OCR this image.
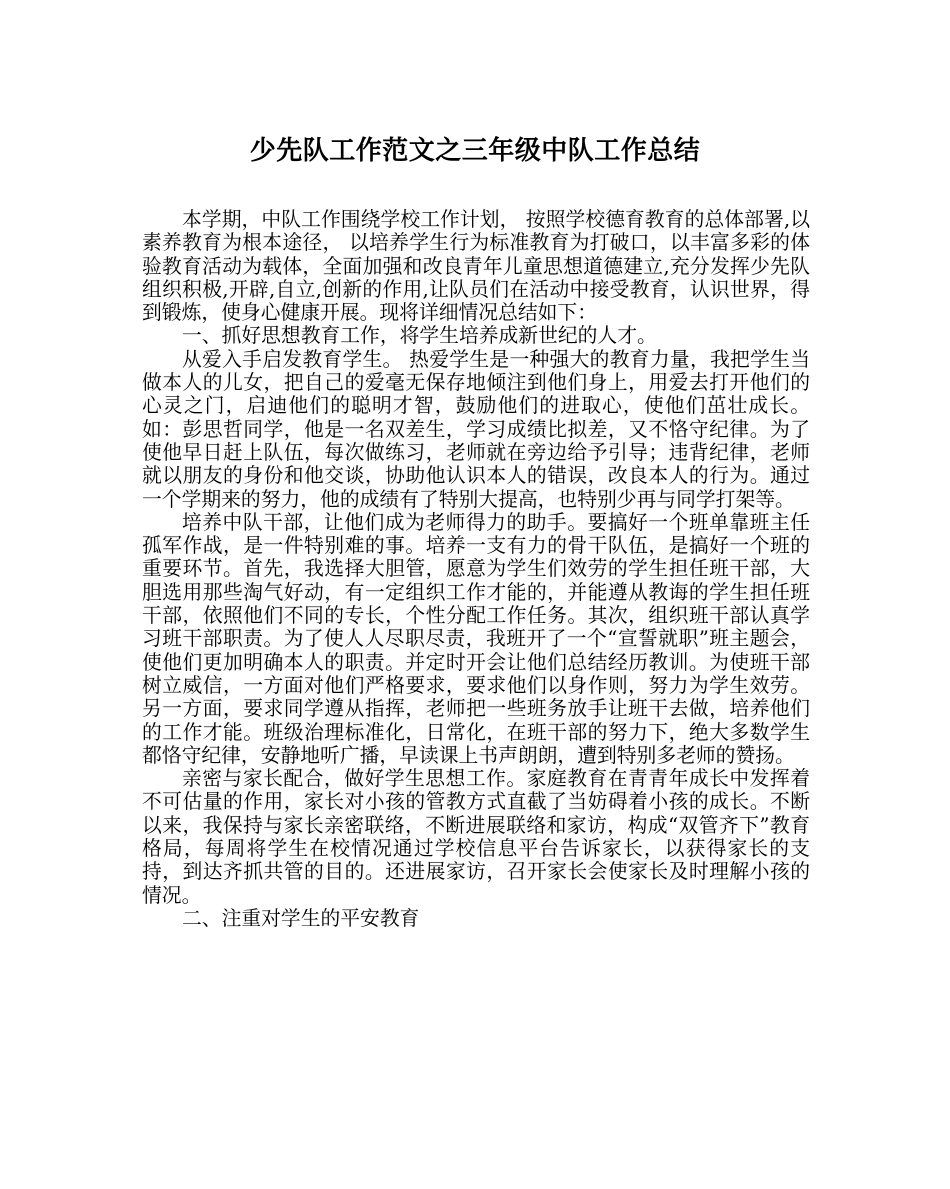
少先队工作范文之三年级中队工作总结

本学期，中队工作围绕学校工作计划， 按照学校德育教育的总体部署,以素养教育为根本途径， 以培养学生行为标准教育为打破口，以丰富多彩的体验教育活动为载体，全面加强和改良青年儿童思想道德建立,充分发挥少先队组织积极,开辟,自立,创新的作用,让队员们在活动中接受教育，认识世界，得到锻炼，使身心健康开展。现将详细情况总结如下：

一、抓好思想教育工作，将学生培养成新世纪的人才。

从爱入手启发教育学生。 热爱学生是一种强大的教育力量，我把学生当做本人的儿女，把自己的爱毫无保存地倾注到他们身上，用爱去打开他们的心灵之门，启迪他们的聪明才智，鼓励他们的进取心，使他们茁壮成长。如：彭思哲同学，他是一名双差生，学习成绩比拟差，又不恪守纪律。为了使他早日赶上队伍，每次做练习，老师就在旁边给予引导；违背纪律，老师就以朋友的身份和他交谈，协助他认识本人的错误，改良本人的行为。通过一个学期来的努力，他的成绩有了特别大提高，也特别少再与同学打架等。

培养中队干部，让他们成为老师得力的助手。要搞好一个班单靠班主任孤军作战，是一件特别难的事。培养一支有力的骨干队伍，是搞好一个班的重要环节。首先，我选择大胆管，愿意为学生们效劳的学生担任班干部，大胆选用那些淘气好动，有一定组织工作才能的，并能遵从教诲的学生担任班干部，依照他们不同的专长，个性分配工作任务。其次，组织班干部认真学习班干部职责。为了使人人尽职尽责，我班开了一个“宣誓就职”班主题会，使他们更加明确本人的职责。并定时开会让他们总结经历教训。为使班干部树立威信，一方面对他们严格要求，要求他们以身作则，努力为学生效劳。另一方面，要求同学遵从指挥，老师把一些班务放手让班干去做，培养他们的工作才能。班级治理标准化，日常化，在班干部的努力下，绝大多数学生都恪守纪律，安静地听广播，早读课上书声朗朗，遭到特别多老师的赞扬。

亲密与家长配合，做好学生思想工作。家庭教育在青青年成长中发挥着不可估量的作用，家长对小孩的管教方式直截了当妨碍着小孩的成长。不断以来，我保持与家长亲密联络，不断进展联络和家访，构成“双管齐下”教育格局，每周将学生在校情况通过学校信息平台告诉家长，以获得家长的支持，到达齐抓共管的目的。还进展家访，召开家长会使家长及时理解小孩的情况。

二、注重对学生的平安教育
